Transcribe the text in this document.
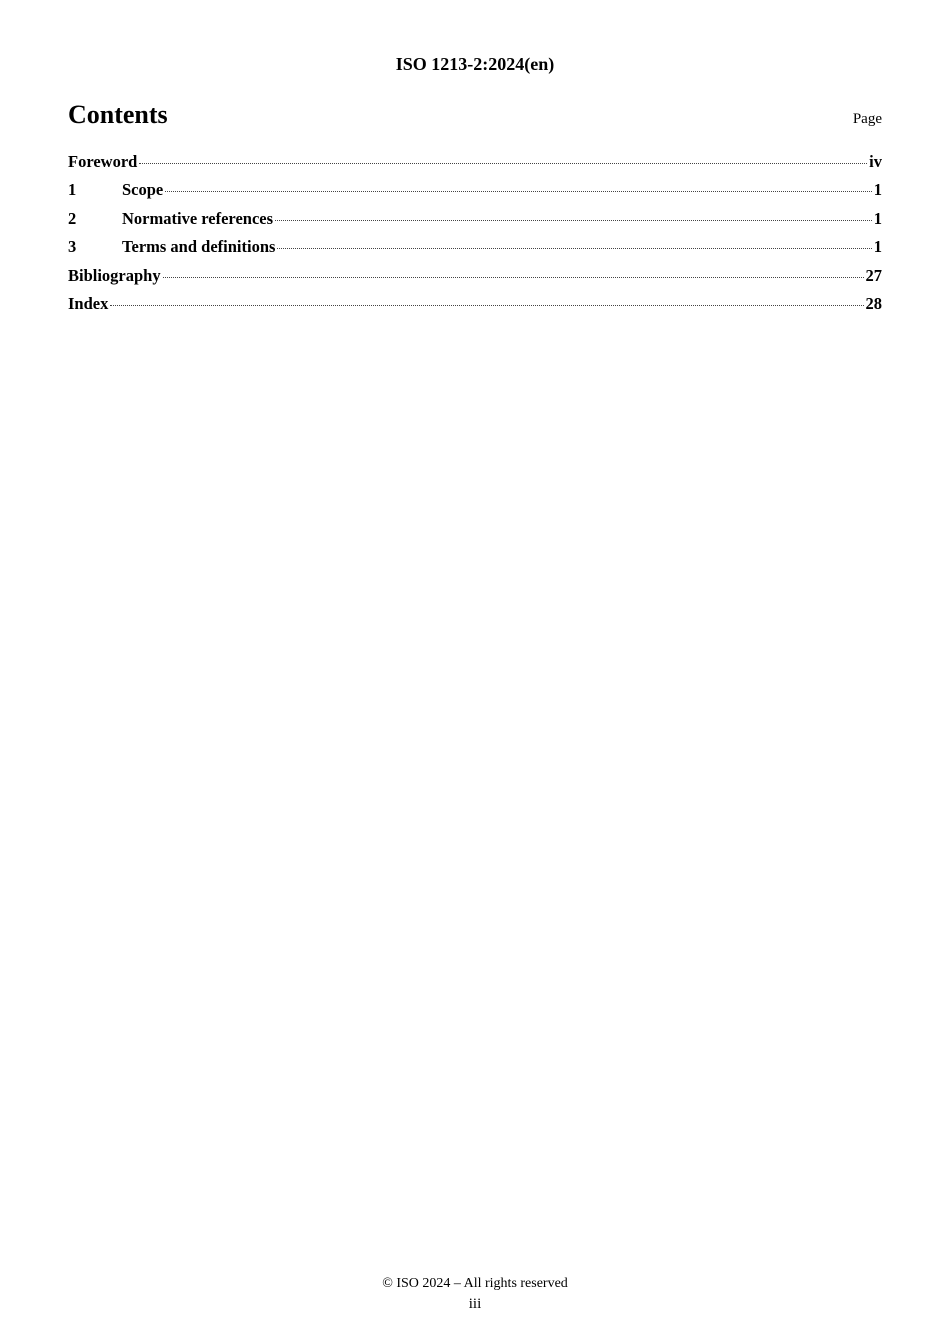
ISO 1213-2:2024(en)
Contents	Page
Foreword	iv
1	Scope	1
2	Normative references	1
3	Terms and definitions	1
Bibliography	27
Index	28
© ISO 2024 – All rights reserved
iii
